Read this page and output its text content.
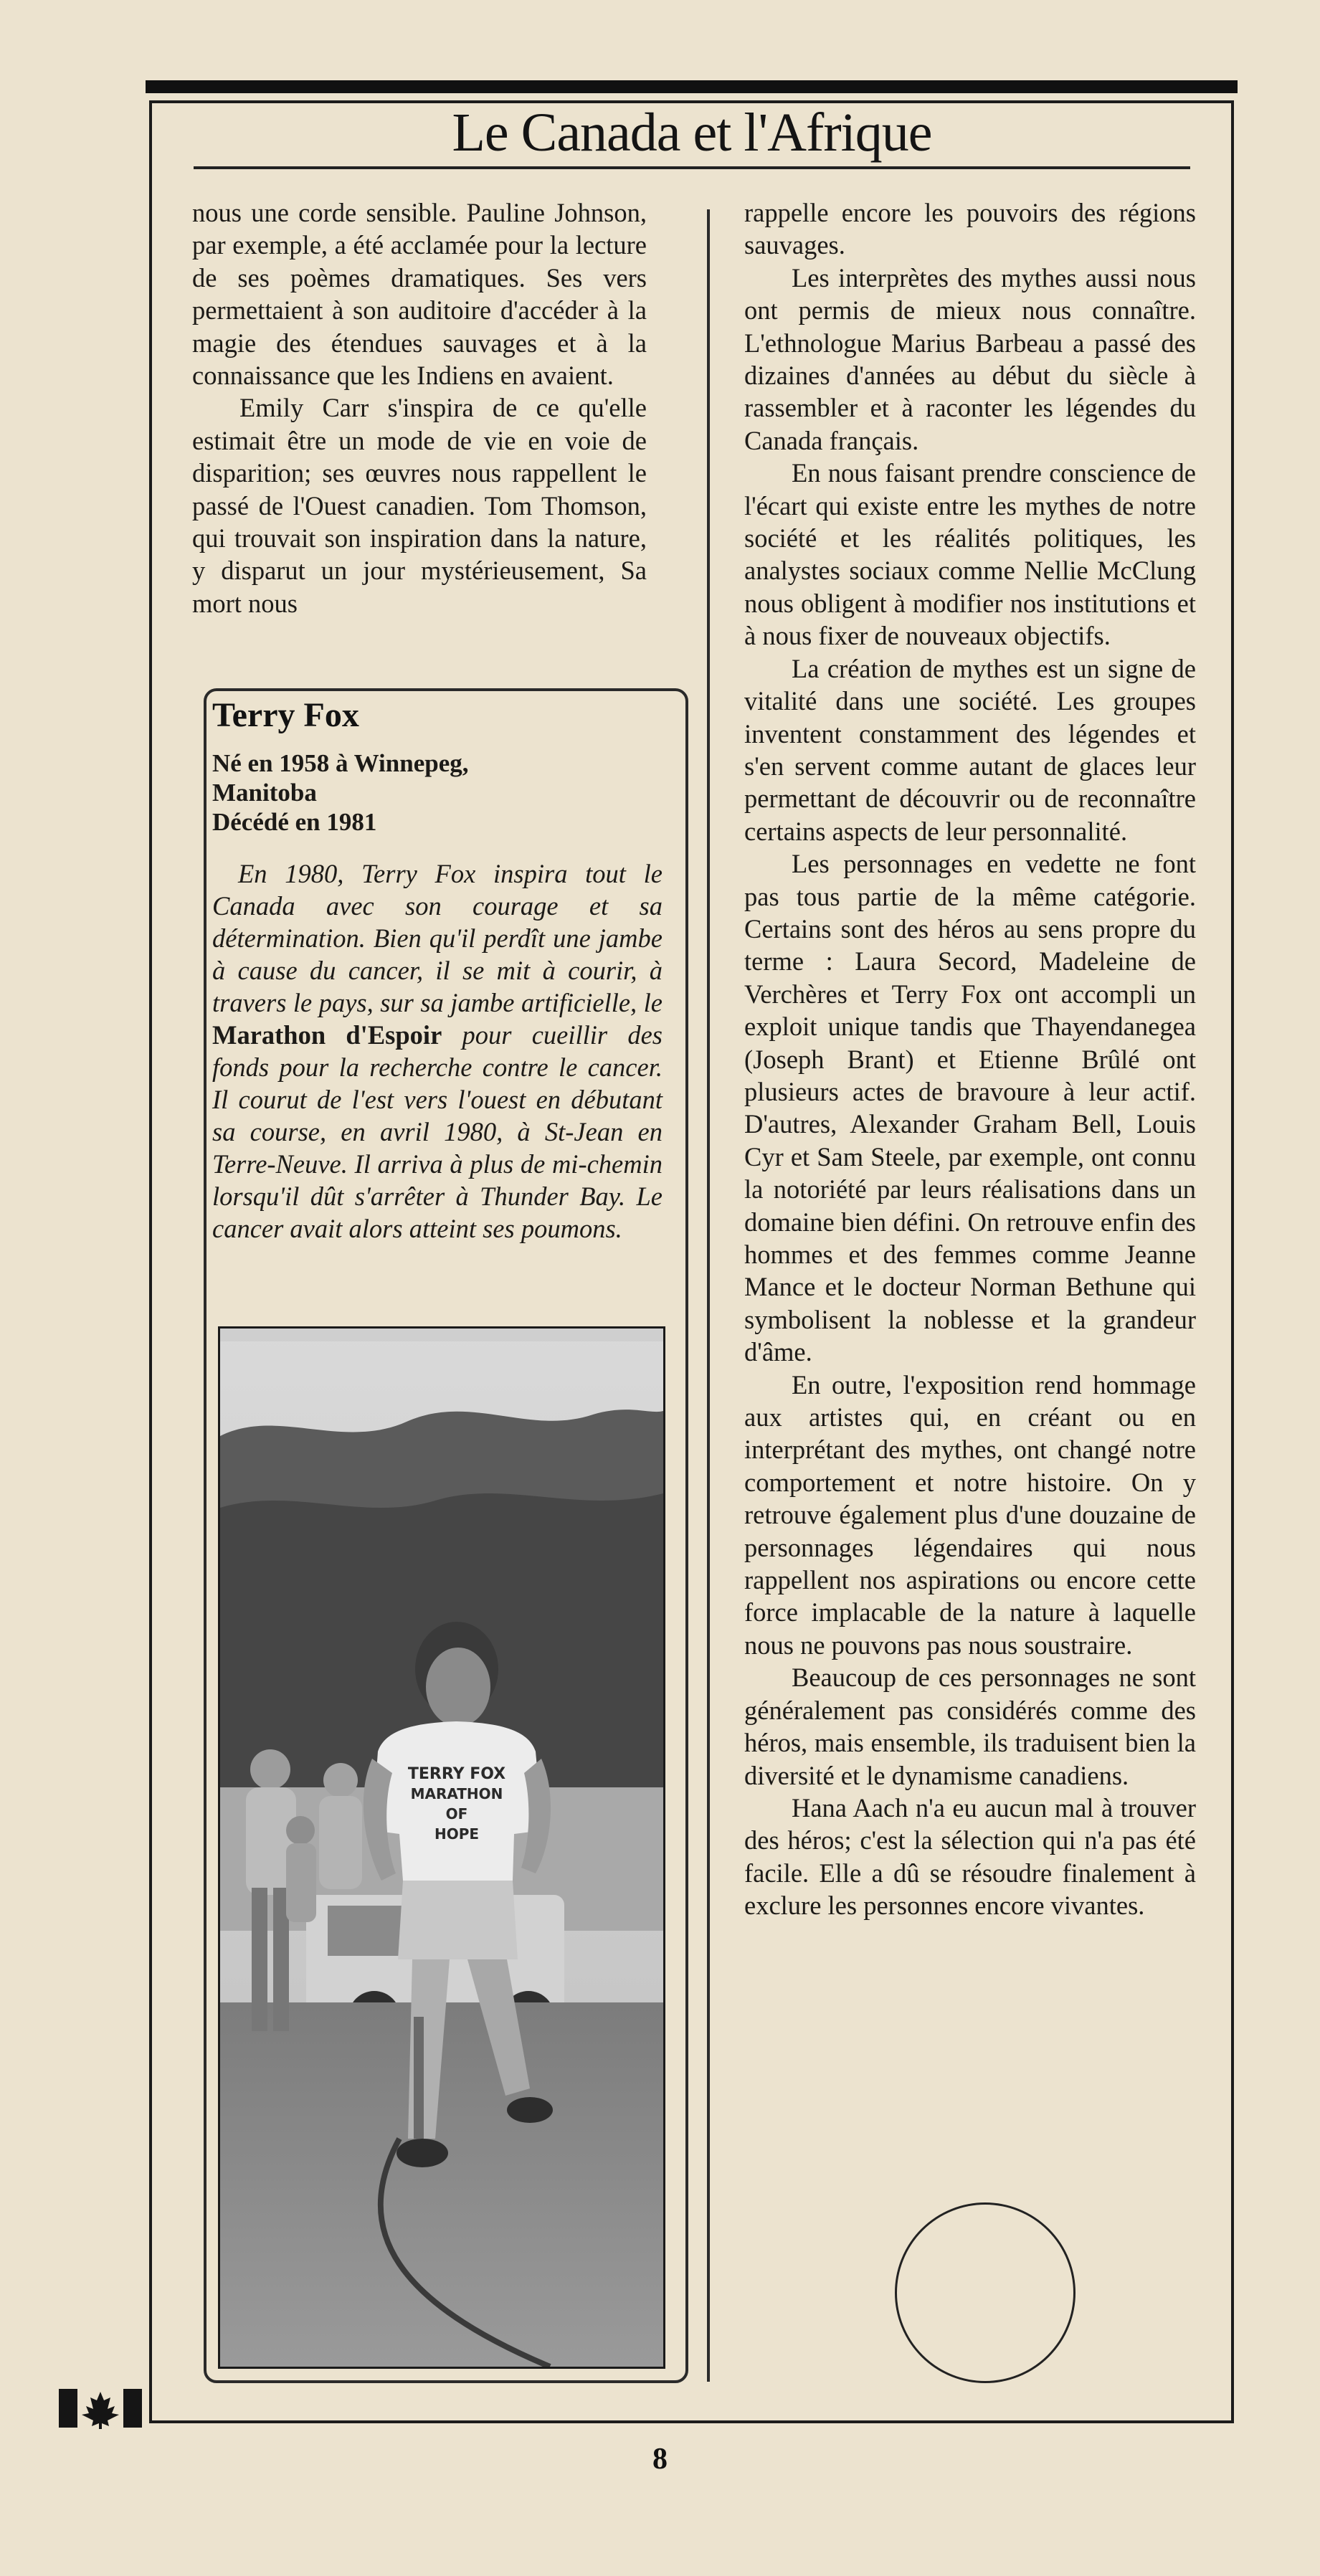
Le Canada et l'Afrique

nous une corde sensible. Pauline Johnson, par exemple, a été acclamée pour la lecture de ses poèmes dramatiques. Ses vers permettaient à son auditoire d'accéder à la magie des étendues sauvages et à la connaissance que les Indiens en avaient.

Emily Carr s'inspira de ce qu'elle estimait être un mode de vie en voie de disparition; ses œuvres nous rappellent le passé de l'Ouest canadien. Tom Thomson, qui trouvait son inspiration dans la nature, y disparut un jour mystérieusement, Sa mort nous

Terry Fox
Né en 1958 à Winnepeg,
Manitoba
Décédé en 1981

En 1980, Terry Fox inspira tout le Canada avec son courage et sa détermination. Bien qu'il perdît une jambe à cause du cancer, il se mit à courir, à travers le pays, sur sa jambe artificielle, le Marathon d'Espoir pour cueillir des fonds pour la recherche contre le cancer. Il courut de l'est vers l'ouest en débutant sa course, en avril 1980, à St-Jean en Terre-Neuve. Il arriva à plus de mi-chemin lorsqu'il dût s'arrêter à Thunder Bay. Le cancer avait alors atteint ses poumons.

TERRY FOX
MARATHON
OF
HOPE

rappelle encore les pouvoirs des régions sauvages.

Les interprètes des mythes aussi nous ont permis de mieux nous connaître. L'ethnologue Marius Barbeau a passé des dizaines d'années au début du siècle à rassembler et à raconter les légendes du Canada français.

En nous faisant prendre conscience de l'écart qui existe entre les mythes de notre société et les réalités politiques, les analystes sociaux comme Nellie McClung nous obligent à modifier nos institutions et à nous fixer de nouveaux objectifs.

La création de mythes est un signe de vitalité dans une société. Les groupes inventent constamment des légendes et s'en servent comme autant de glaces leur permettant de découvrir ou de reconnaître certains aspects de leur personnalité.

Les personnages en vedette ne font pas tous partie de la même catégorie. Certains sont des héros au sens propre du terme : Laura Secord, Madeleine de Verchères et Terry Fox ont accompli un exploit unique tandis que Thayendanegea (Joseph Brant) et Etienne Brûlé ont plusieurs actes de bravoure à leur actif. D'autres, Alexander Graham Bell, Louis Cyr et Sam Steele, par exemple, ont connu la notoriété par leurs réalisations dans un domaine bien défini. On retrouve enfin des hommes et des femmes comme Jeanne Mance et le docteur Norman Bethune qui symbolisent la noblesse et la grandeur d'âme.

En outre, l'exposition rend hommage aux artistes qui, en créant ou en interprétant des mythes, ont changé notre comportement et notre histoire. On y retrouve également plus d'une douzaine de personnages légendaires qui nous rappellent nos aspirations ou encore cette force implacable de la nature à laquelle nous ne pouvons pas nous soustraire.

Beaucoup de ces personnages ne sont généralement pas considérés comme des héros, mais ensemble, ils traduisent bien la diversité et le dynamisme canadiens.

Hana Aach n'a eu aucun mal à trouver des héros; c'est la sélection qui n'a pas été facile. Elle a dû se résoudre finalement à exclure les personnes encore vivantes.

8
